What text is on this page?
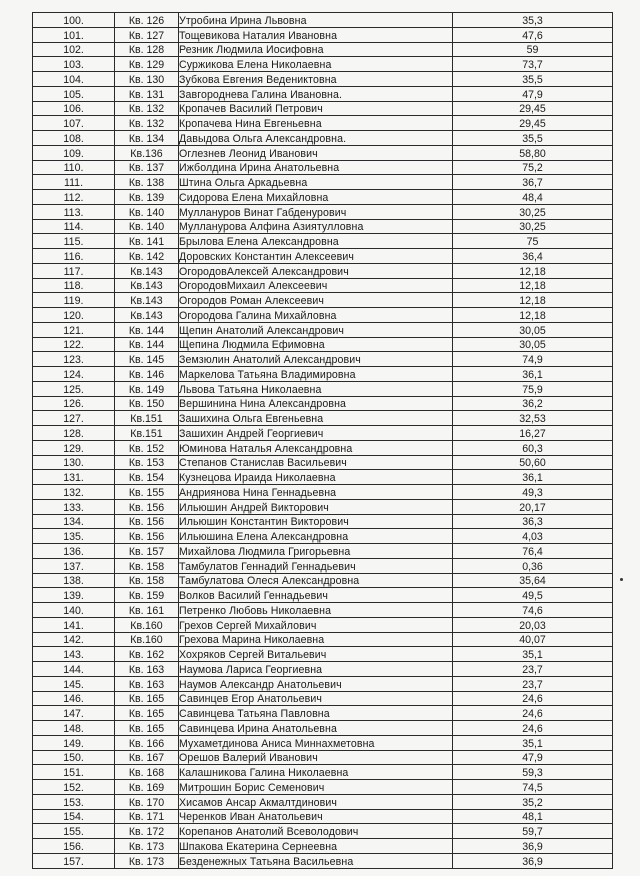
100.	Кв. 126	Утробина Ирина Львовна	35,3
101.	Кв. 127	Тощевикова Наталия Ивановна	47,6
102.	Кв. 128	Резник Людмила Иосифовна	59
103.	Кв. 129	Суржикова Елена Николаевна	73,7
104.	Кв. 130	Зубкова Евгения Ведениктовна	35,5
105.	Кв. 131	Завгороднева Галина Ивановна.	47,9
106.	Кв. 132	Кропачев Василий Петрович	29,45
107.	Кв. 132	Кропачева Нина Евгеньевна	29,45
108.	Кв. 134	Давыдова Ольга Александровна.	35,5
109.	Кв.136	Оглезнев Леонид Иванович	58,80
110.	Кв. 137	Ижболдина Ирина Анатольевна	75,2
111.	Кв. 138	Штина Ольга Аркадьевна	36,7
112.	Кв. 139	Сидорова Елена Михайловна	48,4
113.	Кв. 140	Муллануров Винат Габденурович	30,25
114.	Кв. 140	Мулланурова Алфина Азиятулловна	30,25
115.	Кв. 141	Брылова Елена Александровна	75
116.	Кв. 142	Доровских Константин Алексеевич	36,4
117.	Кв.143	ОгородовАлексей Александрович	12,18
118.	Кв.143	ОгородовМихаил Алексеевич	12,18
119.	Кв.143	Огородов Роман Алексеевич	12,18
120.	Кв.143	Огородова Галина Михайловна	12,18
121.	Кв. 144	Щепин Анатолий Александрович	30,05
122.	Кв. 144	Щепина Людмила Ефимовна	30,05
123.	Кв. 145	Земзюлин Анатолий Александрович	74,9
124.	Кв. 146	Маркелова Татьяна Владимировна	36,1
125.	Кв. 149	Львова Татьяна Николаевна	75,9
126.	Кв. 150	Вершинина Нина Александровна	36,2
127.	Кв.151	Зашихина Ольга Евгеньевна	32,53
128.	Кв.151	Зашихин Андрей Георгиевич	16,27
129.	Кв. 152	Юминова Наталья Александровна	60,3
130.	Кв. 153	Степанов Станислав Васильевич	50,60
131.	Кв. 154	Кузнецова Ираида Николаевна	36,1
132.	Кв. 155	Андриянова Нина Геннадьевна	49,3
133.	Кв. 156	Ильюшин Андрей Викторович	20,17
134.	Кв. 156	Ильюшин Константин Викторович	36,3
135.	Кв. 156	Ильюшина Елена Александровна	4,03
136.	Кв. 157	Михайлова Людмила Григорьевна	76,4
137.	Кв. 158	Тамбулатов Геннадий Геннадьевич	0,36
138.	Кв. 158	Тамбулатова Олеся Александровна	35,64
139.	Кв. 159	Волков Василий Геннадьевич	49,5
140.	Кв. 161	Петренко Любовь Николаевна	74,6
141.	Кв.160	Грехов Сергей Михайлович	20,03
142.	Кв.160	Грехова Марина Николаевна	40,07
143.	Кв. 162	Хохряков Сергей Витальевич	35,1
144.	Кв. 163	Наумова Лариса Георгиевна	23,7
145.	Кв. 163	Наумов Александр Анатольевич	23,7
146.	Кв. 165	Савинцев Егор Анатольевич	24,6
147.	Кв. 165	Савинцева Татьяна Павловна	24,6
148.	Кв. 165	Савинцева Ирина Анатольевна	24,6
149.	Кв. 166	Мухаметдинова Аниса Миннахметовна	35,1
150.	Кв. 167	Орешов Валерий Иванович	47,9
151.	Кв. 168	Калашникова Галина Николаевна	59,3
152.	Кв. 169	Митрошин Борис Семенович	74,5
153.	Кв. 170	Хисамов Ансар Акмалтдинович	35,2
154.	Кв. 171	Черенков Иван Анатольевич	48,1
155.	Кв. 172	Корепанов Анатолий Всеволодович	59,7
156.	Кв. 173	Шпакова Екатерина Сернеевна	36,9
157.	Кв. 173	Безденежных Татьяна Васильевна	36,9
